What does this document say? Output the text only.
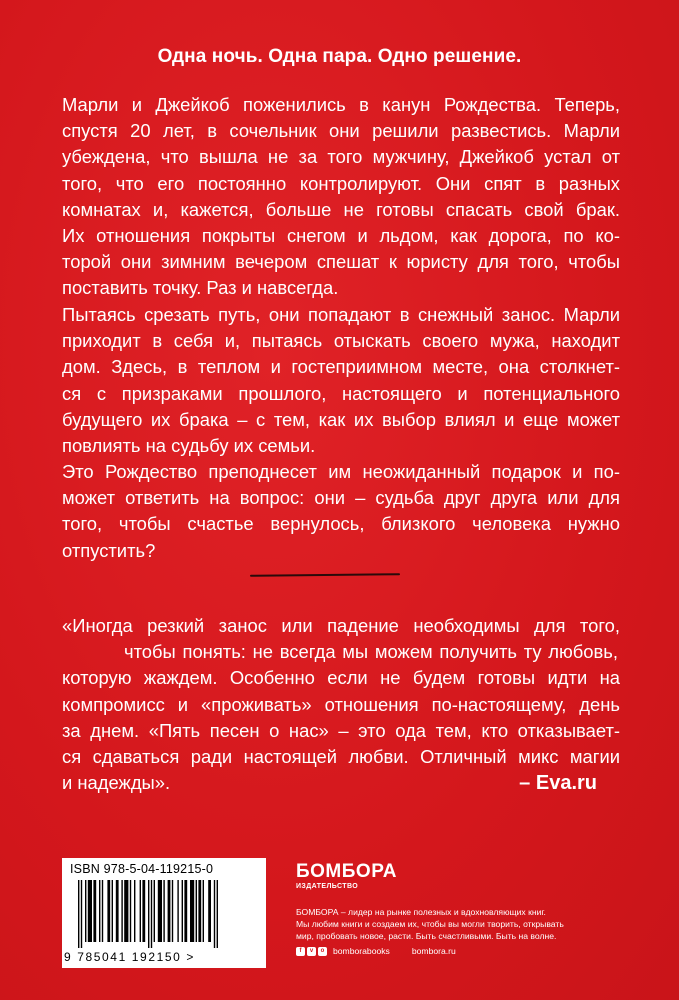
Одна ночь. Одна пара. Одно решение.

Марли и Джейкоб поженились в канун Рождества. Теперь,
спустя 20 лет, в сочельник они решили развестись. Марли
убеждена, что вышла не за того мужчину, Джейкоб устал от
того, что его постоянно контролируют. Они спят в разных
комнатах и, кажется, больше не готовы спасать свой брак.
Их отношения покрыты снегом и льдом, как дорога, по ко-
торой они зимним вечером спешат к юристу для того, чтобы
поставить точку. Раз и навсегда.

Пытаясь срезать путь, они попадают в снежный занос. Марли
приходит в себя и, пытаясь отыскать своего мужа, находит
дом. Здесь, в теплом и гостеприимном месте, она столкнет-
ся с призраками прошлого, настоящего и потенциального
будущего их брака – с тем, как их выбор влиял и еще может
повлиять на судьбу их семьи.

Это Рождество преподнесет им неожиданный подарок и по-
может ответить на вопрос: они – судьба друг друга или для
того, чтобы счастье вернулось, близкого человека нужно
отпустить?

«Иногда резкий занос или падение необходимы для того,
чтобы понять: не всегда мы можем получить ту любовь,
которую жаждем. Особенно если не будем готовы идти на
компромисс и «проживать» отношения по-настоящему, день
за днем. «Пять песен о нас» – это ода тем, кто отказывает-
ся сдаваться ради настоящей любви. Отличный микс магии
и надежды».	– Eva.ru
ISBN 978-5-04-119215-0
9 785041 192150 >
БОМБОРА
ИЗДАТЕЛЬСТВО
БОМБОРА – лидер на рынке полезных и вдохновляющих книг.
Мы любим книги и создаем их, чтобы вы могли творить, открывать
мир, пробовать новое, расти. Быть счастливыми. Быть на волне.
f	v	o	bomborabooks	bombora.ru
